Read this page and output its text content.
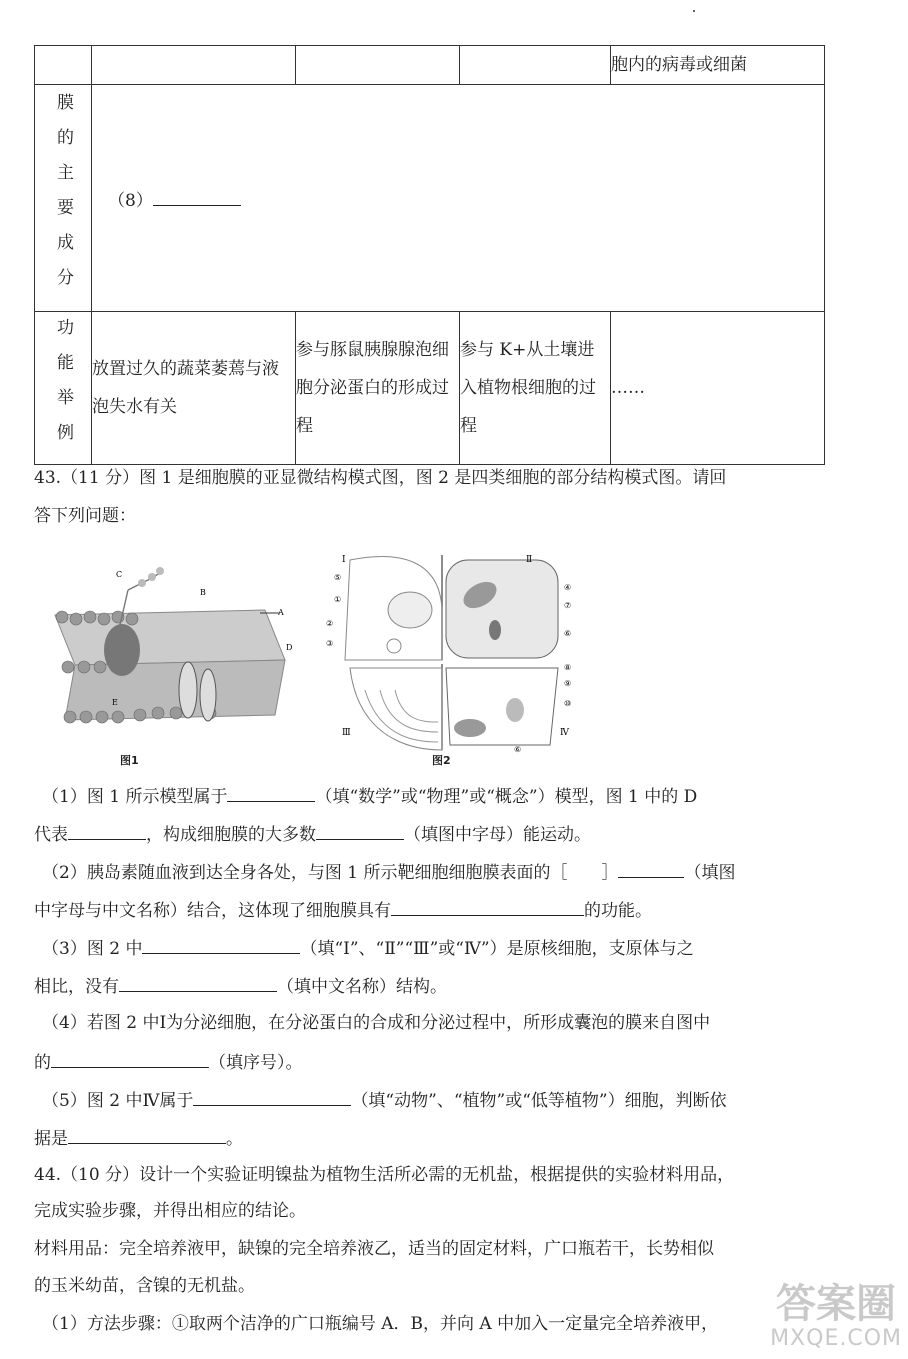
				胞内的病毒或细菌
膜的主要成分	（8）			
功能举例	放置过久的蔬菜萎蔫与液泡失水有关	参与豚鼠胰腺腺泡细胞分泌蛋白的形成过程	参与 K+从土壤进入植物根细胞的过程	……
43.（11 分）图 1 是细胞膜的亚显微结构模式图，图 2 是四类细胞的部分结构模式图。请回
答下列问题：
C
B
A
D
E
图1
Ⅰ	Ⅱ
Ⅲ	Ⅳ
⑤
①
②
③
④
⑦
⑥
⑧
⑨
⑩
⑥
图2
（1）图 1 所示模型属于	（填“数学”或“物理”或“概念”）模型，图 1 中的 D
代表	，构成细胞膜的大多数	（填图中字母）能运动。
（2）胰岛素随血液到达全身各处，与图 1 所示靶细胞细胞膜表面的［　　］	（填图
中字母与中文名称）结合，这体现了细胞膜具有	的功能。
（3）图 2 中	（填“Ⅰ”、“Ⅱ”“Ⅲ”或“Ⅳ”）是原核细胞，支原体与之
相比，没有	（填中文名称）结构。
（4）若图 2 中Ⅰ为分泌细胞，在分泌蛋白的合成和分泌过程中，所形成囊泡的膜来自图中
的	（填序号）。
（5）图 2 中Ⅳ属于	（填“动物”、“植物”或“低等植物”）细胞，判断依
据是	。
44.（10 分）设计一个实验证明镍盐为植物生活所必需的无机盐，根据提供的实验材料用品，
完成实验步骤，并得出相应的结论。
材料用品：完全培养液甲，缺镍的完全培养液乙，适当的固定材料，广口瓶若干，长势相似
的玉米幼苗，含镍的无机盐。
（1）方法步骤：①取两个洁净的广口瓶编号 A．B，并向 A 中加入一定量完全培养液甲， 答案圈
MXQE.COM
